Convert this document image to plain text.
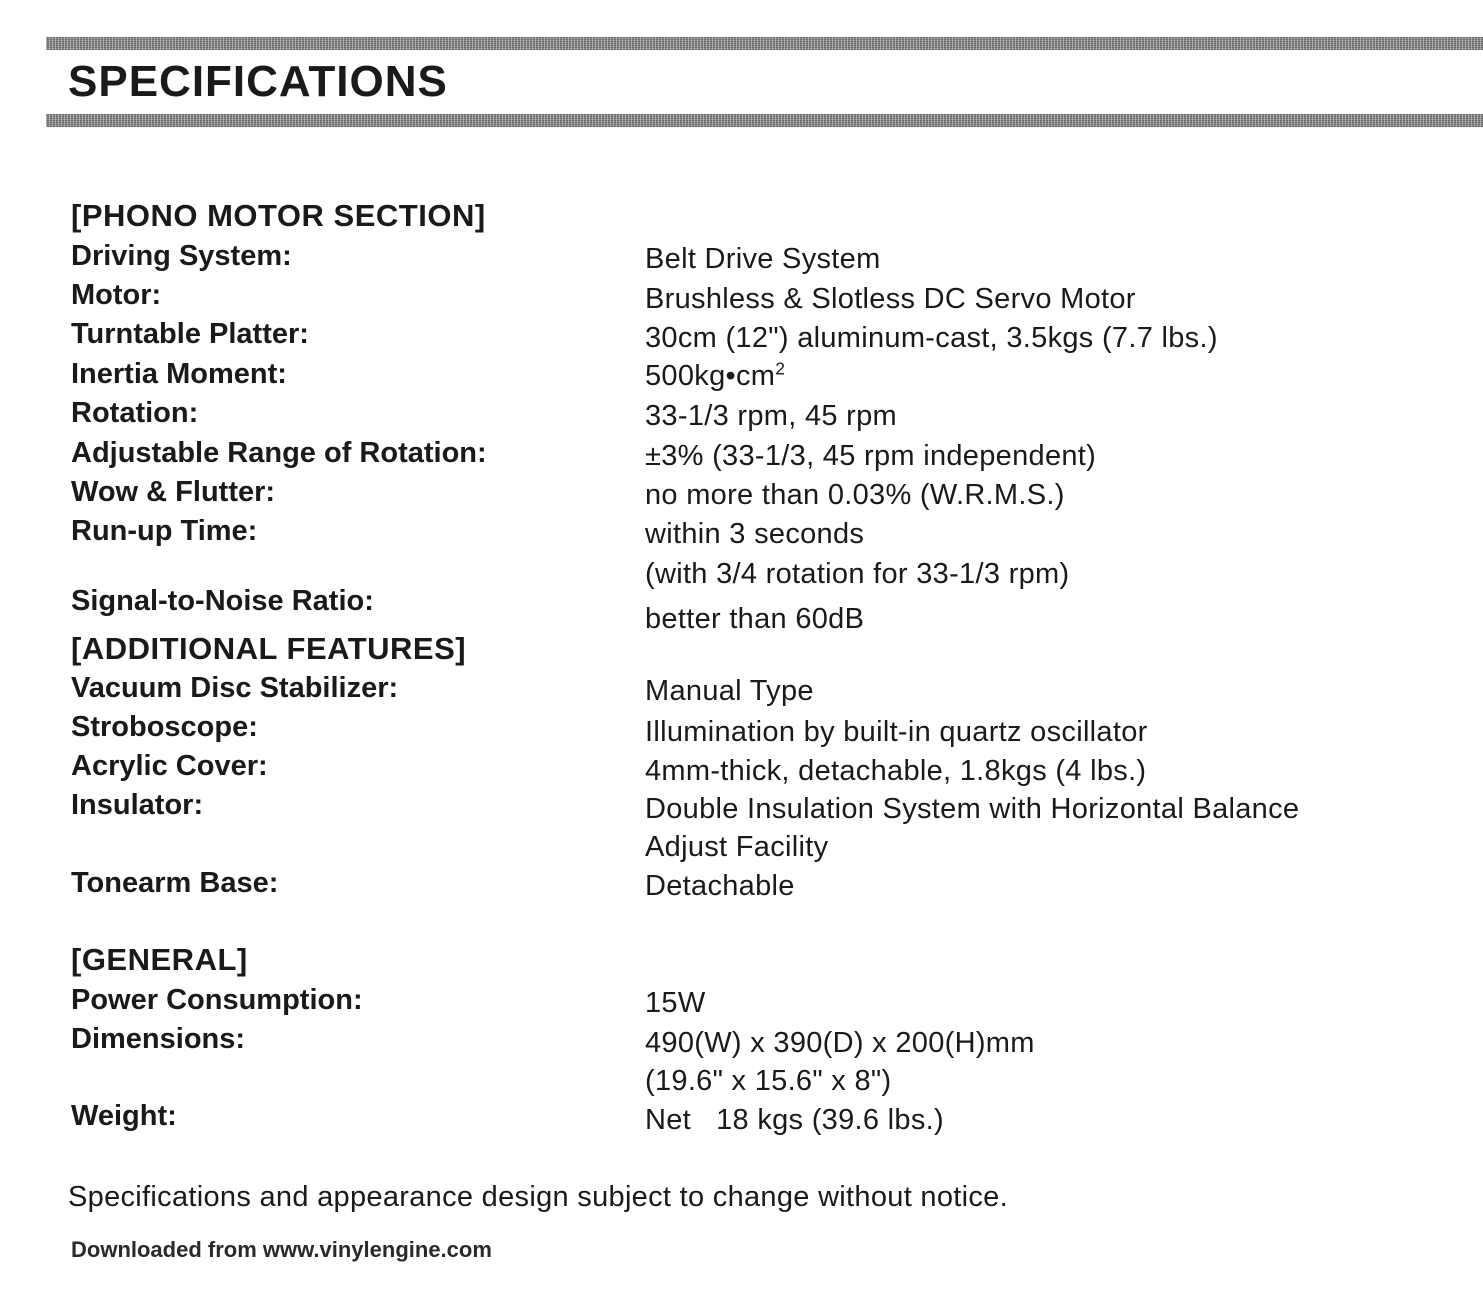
SPECIFICATIONS
[PHONO MOTOR SECTION]
Driving System:	Belt Drive System
Motor:	Brushless & Slotless DC Servo Motor
Turntable Platter:	30cm (12") aluminum-cast, 3.5kgs (7.7 lbs.)
Inertia Moment:	$500kg•cm^2$
Rotation:	33-1/3 rpm, 45 rpm
Adjustable Range of Rotation:	±3% (33-1/3, 45 rpm independent)
Wow & Flutter:	no more than 0.03% (W.R.M.S.)
Run-up Time:	within 3 seconds
(with 3/4 rotation for 33-1/3 rpm)
Signal-to-Noise Ratio:
better than 60dB
[ADDITIONAL FEATURES]
Vacuum Disc Stabilizer:	Manual Type
Stroboscope:	Illumination by built-in quartz oscillator
Acrylic Cover:	4mm-thick, detachable, 1.8kgs (4 lbs.)
Insulator:	Double Insulation System with Horizontal Balance
Adjust Facility
Tonearm Base:	Detachable
[GENERAL]
Power Consumption:	15W
Dimensions:	490(W) x 390(D) x 200(H)mm
(19.6" x 15.6" x 8")
Weight:	Net   18 kgs (39.6 lbs.)
Specifications and appearance design subject to change without notice.
Downloaded from www.vinylengine.com
